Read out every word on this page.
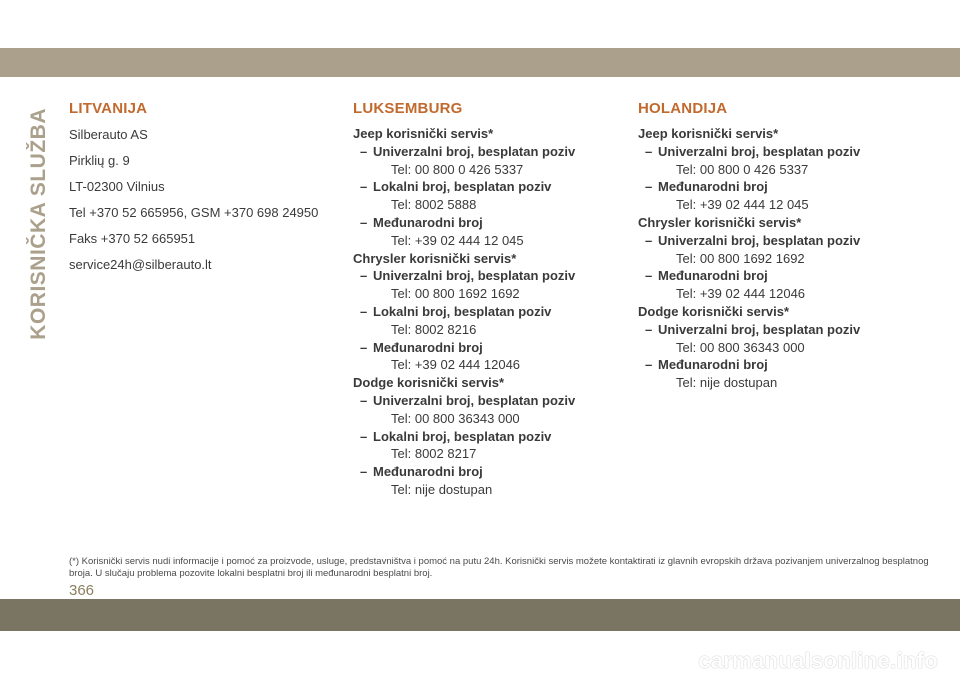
KORISNIČKA SLUŽBA LITVANIJA

Silberauto AS

Pirklių g. 9

LT-02300 Vilnius

Tel +370 52 665956, GSM +370 698 24950

Faks +370 52 665951

service24h@silberauto.lt

LUKSEMBURG
Jeep korisnički servis*
– Univerzalni broj, besplatan poziv
Tel: 00 800 0 426 5337
– Lokalni broj, besplatan poziv
Tel: 8002 5888
– Međunarodni broj
Tel: +39 02 444 12 045
Chrysler korisnički servis*
– Univerzalni broj, besplatan poziv
Tel: 00 800 1692 1692
– Lokalni broj, besplatan poziv
Tel: 8002 8216
– Međunarodni broj
Tel: +39 02 444 12046
Dodge korisnički servis*
– Univerzalni broj, besplatan poziv
Tel: 00 800 36343 000
– Lokalni broj, besplatan poziv
Tel: 8002 8217
– Međunarodni broj
Tel: nije dostupan
HOLANDIJA
Jeep korisnički servis*
– Univerzalni broj, besplatan poziv
Tel: 00 800 0 426 5337
– Međunarodni broj
Tel: +39 02 444 12 045
Chrysler korisnički servis*
– Univerzalni broj, besplatan poziv
Tel: 00 800 1692 1692
– Međunarodni broj
Tel: +39 02 444 12046
Dodge korisnički servis*
– Univerzalni broj, besplatan poziv
Tel: 00 800 36343 000
– Međunarodni broj
Tel: nije dostupan
(*) Korisnički servis nudi informacije i pomoć za proizvode, usluge, predstavništva i pomoć na putu 24h. Korisnički servis možete kontaktirati iz glavnih evropskih država pozivanjem univerzalnog besplatnog broja. U slučaju problema pozovite lokalni besplatni broj ili međunarodni besplatni broj.
366
carmanualsonline.info
